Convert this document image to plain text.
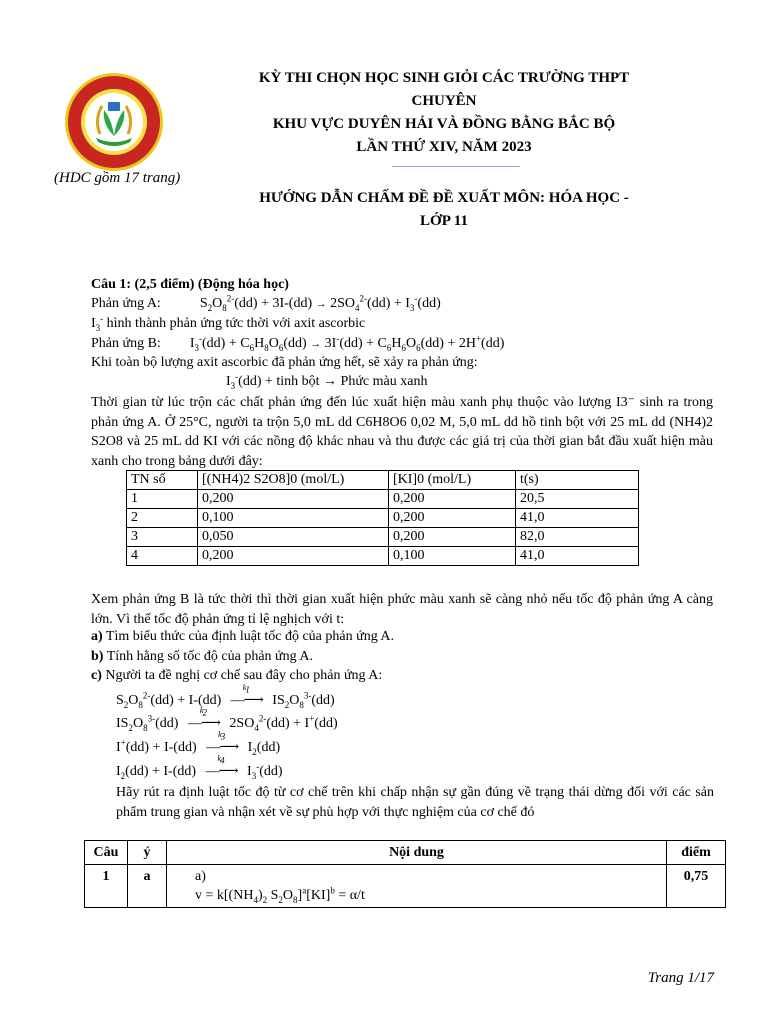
(HDC gồm 17 trang)
KỲ THI CHỌN HỌC SINH GIỎI CÁC TRƯỜNG THPT
CHUYÊN
KHU VỰC DUYÊN HẢI VÀ ĐỒNG BẰNG BẮC BỘ
LẦN THỨ XIV, NĂM 2023
HƯỚNG DẪN CHẤM ĐỀ ĐỀ XUẤT MÔN: HÓA HỌC -
LỚP 11
Câu 1: (2,5 điểm) (Động hóa học)
Phản ứng A:	$S_2O_8^{2-}(dd) + 3I-(dd) \to 2SO_4^{2-}(dd) + I_3^-(dd)$
$I_3^-$ hình thành phản ứng tức thời với axit ascorbic
Phản ứng B: $I_3^-(dd) + C_6H_8O_6(dd) \to 3I^-(dd) + C_6H_6O_6(dd) + 2H^+(dd)$
Khi toàn bộ lượng axit ascorbic đã phản ứng hết, sẽ xảy ra phản ứng:
$I_3^-(dd)$ + tinh bột → Phức màu xanh
Thời gian từ lúc trộn các chất phản ứng đến lúc xuất hiện màu xanh phụ thuộc vào lượng I3⁻ sinh ra trong phản ứng A. Ở 25°C, người ta trộn 5,0 mL dd C6H8O6 0,02 M, 5,0 mL dd hồ tinh bột với 25 mL dd (NH4)2 S2O8 và 25 mL dd KI với các nồng độ khác nhau và thu được các giá trị của thời gian bắt đầu xuất hiện màu xanh cho trong bảng dưới đây:
TN số	[(NH4)2 S2O8]0 (mol/L)	[KI]0 (mol/L)	t(s)
1	0,200	0,200	20,5
2	0,100	0,200	41,0
3	0,050	0,200	82,0
4	0,200	0,100	41,0
Xem phản ứng B là tức thời thì thời gian xuất hiện phức màu xanh sẽ càng nhỏ nếu tốc độ phản ứng A càng lớn. Vì thế tốc độ phản ứng tỉ lệ nghịch với t:
a) Tìm biểu thức của định luật tốc độ của phản ứng A.
b) Tính hằng số tốc độ của phản ứng A.
c) Người ta đề nghị cơ chế sau đây cho phản ứng A:
$S_2O_8^{2-}(dd) + I-(dd)$ —⟶
$k_1$
$IS_2O_8^{3-}(dd)$
$IS_2O_8^{3-}(dd)$ —⟶
$k_2$
$2SO_4^{2-}(dd) + I^+(dd)$
I+(dd) + I-(dd) —⟶
$k_3$
$I_2(dd)$
$I_2(dd) + I-(dd)$ —⟶
$k_4$
$I_3^-(dd)$
Hãy rút ra định luật tốc độ từ cơ chế trên khi chấp nhận sự gần đúng về trạng thái dừng đối với các sản phẩm trung gian và nhận xét về sự phù hợp với thực nghiệm của cơ chế đó
Câu	ý	Nội dung	điểm
1	a	a)
$v = k[(NH_4)_2$ $S_2O_8]^a[KI]^b = \alpha/t$	0,75
Trang 1/17
